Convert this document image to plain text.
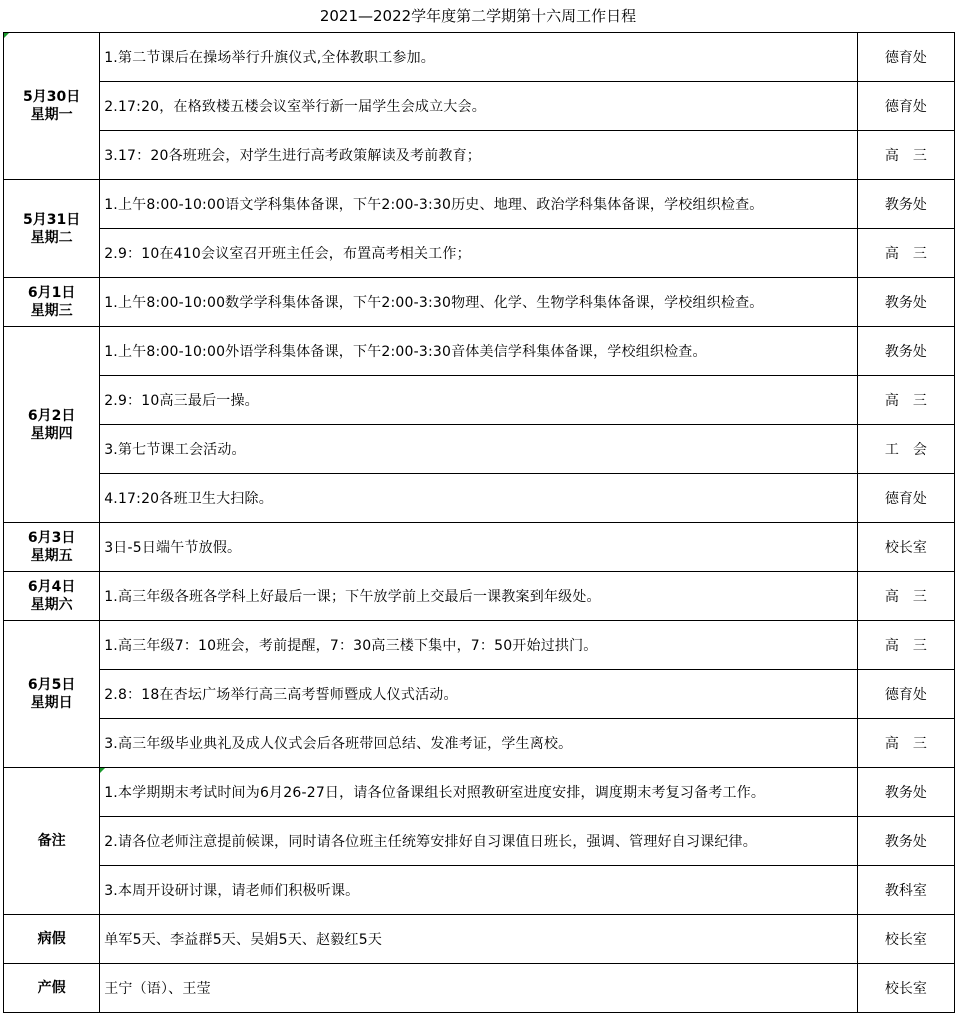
2021—2022学年度第二学期第十六周工作日程
5月30日
星期一	1.第二节课后在操场举行升旗仪式,全体教职工参加。	德育处
	2.17:20，在格致楼五楼会议室举行新一届学生会成立大会。	德育处
	3.17：20各班班会，对学生进行高考政策解读及考前教育；	高　三

5月31日
星期二	1.上午8:00-10:00语文学科集体备课，下午2:00-3:30历史、地理、政治学科集体备课，学校组织检查。	教务处
	2.9：10在410会议室召开班主任会，布置高考相关工作；	高　三

6月1日
星期三	1.上午8:00-10:00数学学科集体备课，下午2:00-3:30物理、化学、生物学科集体备课，学校组织检查。	教务处

6月2日
星期四	1.上午8:00-10:00外语学科集体备课，下午2:00-3:30音体美信学科集体备课，学校组织检查。	教务处
	2.9：10高三最后一操。	高　三
	3.第七节课工会活动。	工　会
	4.17:20各班卫生大扫除。	德育处

6月3日
星期五	3日-5日端午节放假。	校长室

6月4日
星期六	1.高三年级各班各学科上好最后一课；下午放学前上交最后一课教案到年级处。	高　三

6月5日
星期日	1.高三年级7：10班会，考前提醒，7：30高三楼下集中，7：50开始过拱门。	高　三
	2.8：18在杏坛广场举行高三高考誓师暨成人仪式活动。	德育处
	3.高三年级毕业典礼及成人仪式会后各班带回总结、发准考证，学生离校。	高　三

备注	1.本学期期末考试时间为6月26-27日，请各位备课组长对照教研室进度安排，调度期末考复习备考工作。	教务处
	2.请各位老师注意提前候课，同时请各位班主任统筹安排好自习课值日班长，强调、管理好自习课纪律。	教务处
	3.本周开设研讨课，请老师们积极听课。	教科室

病假	单军5天、李益群5天、吴娟5天、赵毅红5天	校长室

产假	王宁（语）、王莹	校长室
